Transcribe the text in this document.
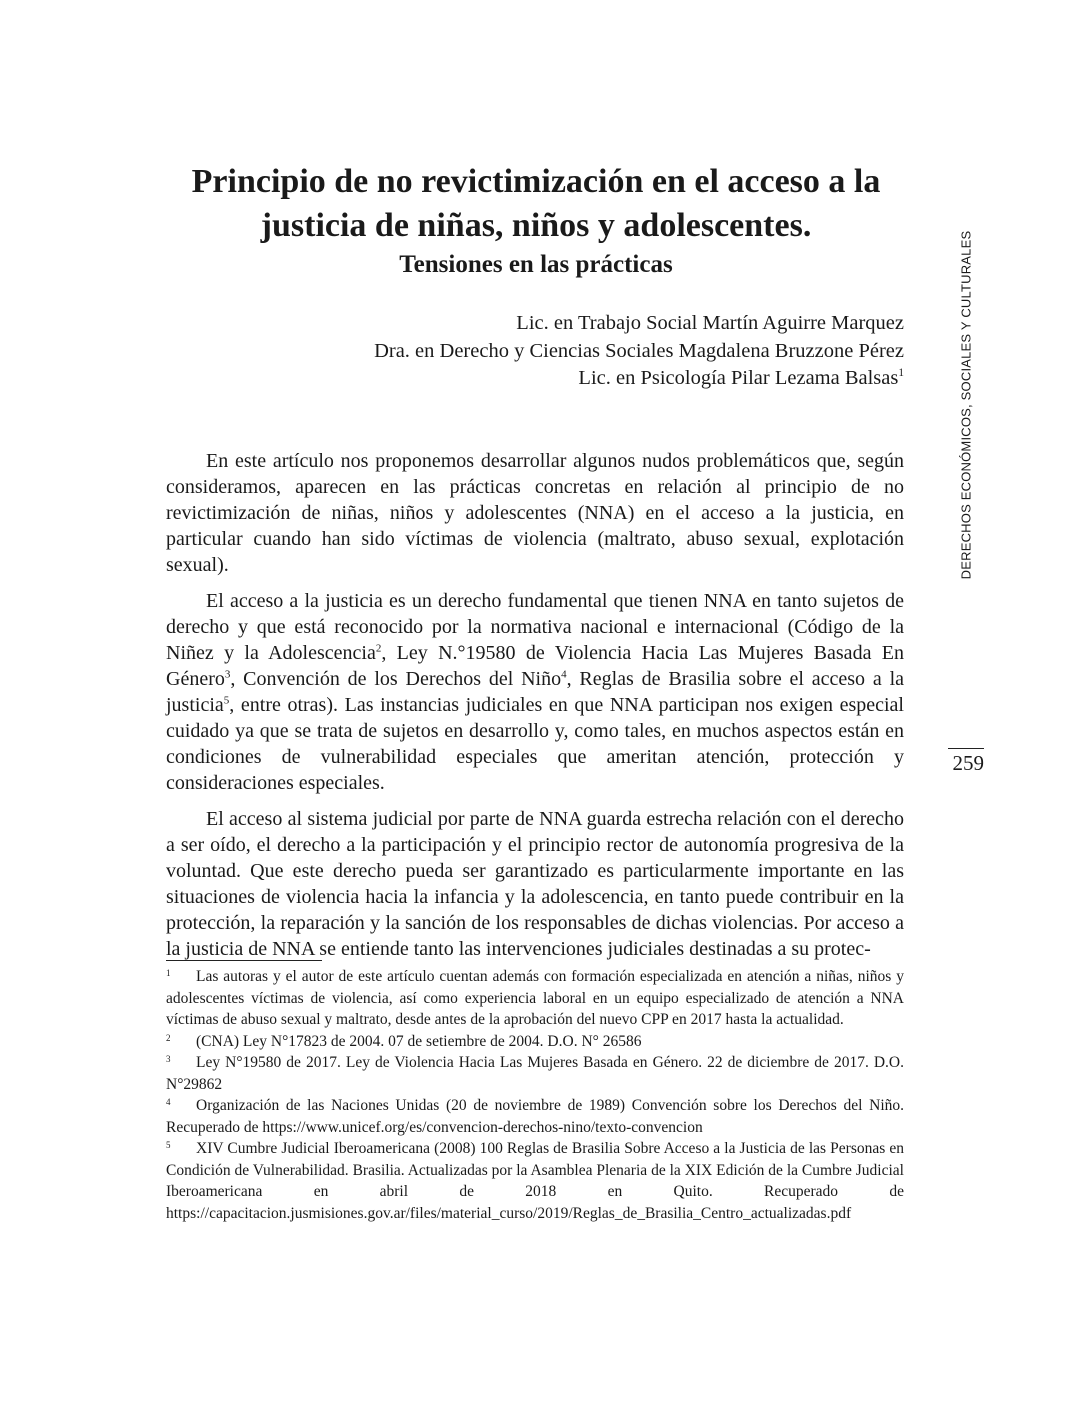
Principio de no revictimización en el acceso a la justicia de niñas, niños y adolescentes.
Tensiones en las prácticas
Lic. en Trabajo Social Martín Aguirre Marquez
Dra. en Derecho y Ciencias Sociales Magdalena Bruzzone Pérez
Lic. en Psicología Pilar Lezama Balsas$^1$

En este artículo nos proponemos desarrollar algunos nudos problemáticos que, según consideramos, aparecen en las prácticas concretas en relación al principio de no revictimización de niñas, niños y adolescentes (NNA) en el acceso a la justicia, en particular cuando han sido víctimas de violencia (maltrato, abuso sexual, explotación sexual).

El acceso a la justicia es un derecho fundamental que tienen NNA en tanto sujetos de derecho y que está reconocido por la normativa nacional e internacional (Código de la Niñez y la Adolescencia$^2$, Ley N.°19580 de Violencia Hacia Las Mujeres Basada En Género$^3$, Convención de los Derechos del Niño$^4$, Reglas de Brasilia sobre el acceso a la justicia$^5$, entre otras). Las instancias judiciales en que NNA participan nos exigen especial cuidado ya que se trata de sujetos en desarrollo y, como tales, en muchos aspectos están en condiciones de vulnerabilidad especiales que ameritan atención, protección y consideraciones especiales.

El acceso al sistema judicial por parte de NNA guarda estrecha relación con el derecho a ser oído, el derecho a la participación y el principio rector de autonomía progresiva de la voluntad. Que este derecho pueda ser garantizado es particularmente importante en las situaciones de violencia hacia la infancia y la adolescencia, en tanto puede contribuir en la protección, la reparación y la sanción de los responsables de dichas violencias. Por acceso a la justicia de NNA se entiende tanto las intervenciones judiciales destinadas a su protec-

1 Las autoras y el autor de este artículo cuentan además con formación especializada en atención a niñas, niños y adolescentes víctimas de violencia, así como experiencia laboral en un equipo especializado de atención a NNA víctimas de abuso sexual y maltrato, desde antes de la aprobación del nuevo CPP en 2017 hasta la actualidad.

2 (CNA) Ley N°17823 de 2004. 07 de setiembre de 2004. D.O. N° 26586

3 Ley N°19580 de 2017. Ley de Violencia Hacia Las Mujeres Basada en Género. 22 de diciembre de 2017. D.O. N°29862

4 Organización de las Naciones Unidas (20 de noviembre de 1989) Convención sobre los Derechos del Niño. Recuperado de https://www.unicef.org/es/convencion-derechos-nino/texto-convencion

5 XIV Cumbre Judicial Iberoamericana (2008) 100 Reglas de Brasilia Sobre Acceso a la Justicia de las Personas en Condición de Vulnerabilidad. Brasilia. Actualizadas por la Asamblea Plenaria de la XIX Edición de la Cumbre Judicial Iberoamericana en abril de 2018 en Quito. Recuperado de https://capacitacion.jusmisiones.gov.ar/files/material_curso/2019/Reglas_de_Brasilia_Centro_actualizadas.pdf

DERECHOS ECONÓMICOS, SOCIALES Y CULTURALES
259
